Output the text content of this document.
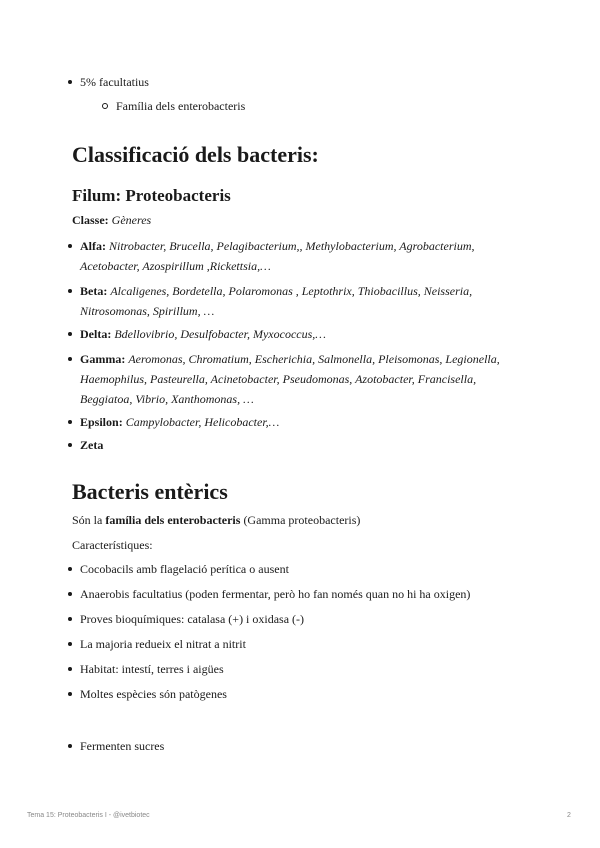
5% facultatius
Família dels enterobacteris
Classificació dels bacteris:
Filum: Proteobacteris
Classe: Gèneres
Alfa: Nitrobacter, Brucella, Pelagibacterium,, Methylobacterium, Agrobacterium, Acetobacter, Azospirillum ,Rickettsia,…
Beta: Alcaligenes, Bordetella, Polaromonas , Leptothrix, Thiobacillus, Neisseria, Nitrosomonas, Spirillum, …
Delta: Bdellovibrio, Desulfobacter, Myxococcus,…
Gamma: Aeromonas, Chromatium, Escherichia, Salmonella, Pleisomonas, Legionella, Haemophilus, Pasteurella, Acinetobacter, Pseudomonas, Azotobacter, Francisella, Beggiatoa, Vibrio, Xanthomonas, …
Epsilon: Campylobacter, Helicobacter,…
Zeta
Bacteris entèrics
Són la família dels enterobacteris (Gamma proteobacteris)
Característiques:
Cocobacils amb flagelació perítica o ausent
Anaerobis facultatius (poden fermentar, però ho fan només quan no hi ha oxigen)
Proves bioquímiques: catalasa (+) i oxidasa (-)
La majoria redueix el nitrat a nitrit
Habitat: intestí, terres i aigües
Moltes espècies són patògenes
Fermenten sucres
Tema 15: Proteobacteris I - @ivetbiotec	2
